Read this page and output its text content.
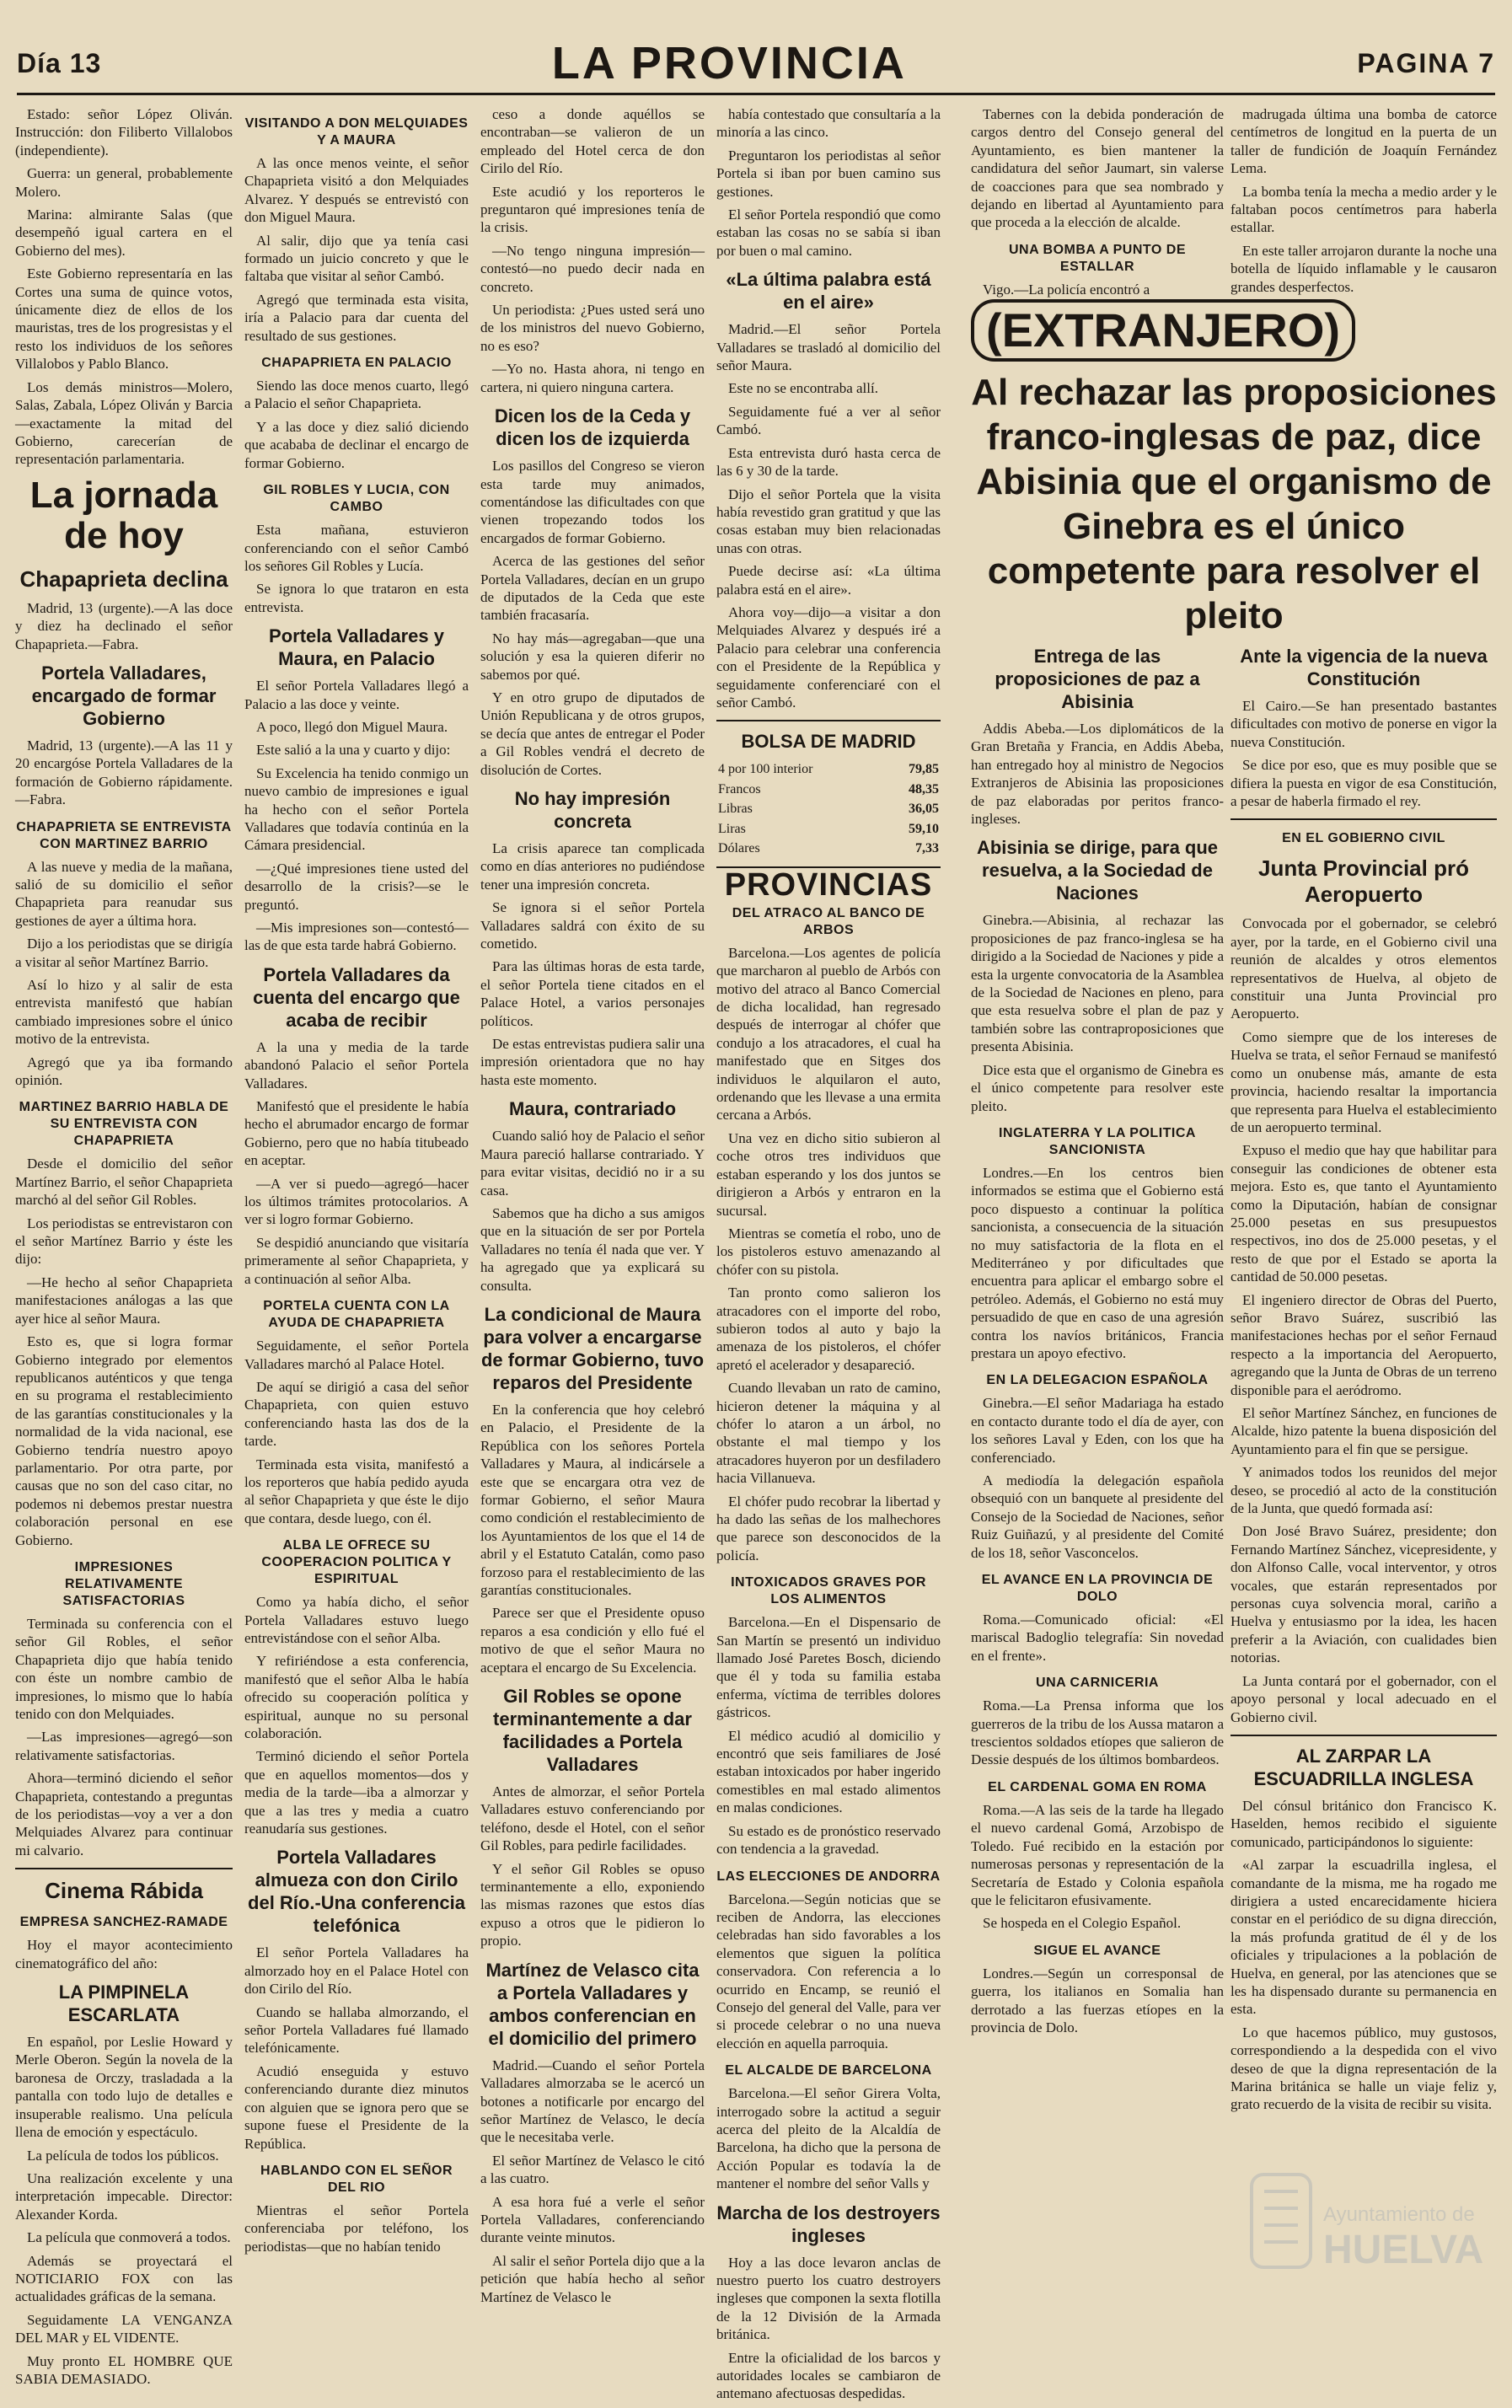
Día 13	LA PROVINCIA	PAGINA 7

Estado: señor López Oliván. Instrucción: don Filiberto Villalobos (independiente).

Guerra: un general, probablemente Molero.

Marina: almirante Salas (que desempeñó igual cartera en el Gobierno del mes).

Este Gobierno representaría en las Cortes una suma de quince votos, únicamente diez de ellos de los mauristas, tres de los progresistas y el resto los individuos de los señores Villalobos y Pablo Blanco.

Los demás ministros—Molero, Salas, Zabala, López Oliván y Barcia—exactamente la mitad del Gobierno, carecerían de representación parlamentaria.

La jornada de hoy
Chapaprieta declina

Madrid, 13 (urgente).—A las doce y diez ha declinado el señor Chapaprieta.—Fabra.

Portela Valladares, encargado de formar Gobierno

Madrid, 13 (urgente).—A las 11 y 20 encargóse Portela Valladares de la formación de Gobierno rápidamente.—Fabra.

CHAPAPRIETA SE ENTREVISTA CON MARTINEZ BARRIO

A las nueve y media de la mañana, salió de su domicilio el señor Chapaprieta para reanudar sus gestiones de ayer a última hora.

Dijo a los periodistas que se dirigía a visitar al señor Martínez Barrio.

Así lo hizo y al salir de esta entrevista manifestó que habían cambiado impresiones sobre el único motivo de la entrevista.

Agregó que ya iba formando opinión.

MARTINEZ BARRIO HABLA DE SU ENTREVISTA CON CHAPAPRIETA

Desde el domicilio del señor Martínez Barrio, el señor Chapaprieta marchó al del señor Gil Robles.

Los periodistas se entrevistaron con el señor Martínez Barrio y éste les dijo:

—He hecho al señor Chapaprieta manifestaciones análogas a las que ayer hice al señor Maura.

Esto es, que si logra formar Gobierno integrado por elementos republicanos auténticos y que tenga en su programa el restablecimiento de las garantías constitucionales y la normalidad de la vida nacional, ese Gobierno tendría nuestro apoyo parlamentario. Por otra parte, por causas que no son del caso citar, no podemos ni debemos prestar nuestra colaboración personal en ese Gobierno.

IMPRESIONES RELATIVAMENTE SATISFACTORIAS

Terminada su conferencia con el señor Gil Robles, el señor Chapaprieta dijo que había tenido con éste un nombre cambio de impresiones, lo mismo que lo había tenido con don Melquiades.

—Las impresiones—agregó—son relativamente satisfactorias.

Ahora—terminó diciendo el señor Chapaprieta, contestando a preguntas de los periodistas—voy a ver a don Melquiades Alvarez para continuar mi calvario.

Cinema Rábida
EMPRESA SANCHEZ-RAMADE

Hoy el mayor acontecimiento cinematográfico del año:

LA PIMPINELA ESCARLATA

En español, por Leslie Howard y Merle Oberon. Según la novela de la baronesa de Orczy, trasladada a la pantalla con todo lujo de detalles e insuperable realismo. Una película llena de emoción y espectáculo.

La película de todos los públicos.

Una realización excelente y una interpretación impecable. Director: Alexander Korda.

La película que conmoverá a todos.

Además se proyectará el NOTICIARIO FOX con las actualidades gráficas de la semana.

Seguidamente LA VENGANZA DEL MAR y EL VIDENTE.

Muy pronto EL HOMBRE QUE SABIA DEMASIADO.

VISITANDO A DON MELQUIADES Y A MAURA

A las once menos veinte, el señor Chapaprieta visitó a don Melquiades Alvarez. Y después se entrevistó con don Miguel Maura.

Al salir, dijo que ya tenía casi formado un juicio concreto y que le faltaba que visitar al señor Cambó.

Agregó que terminada esta visita, iría a Palacio para dar cuenta del resultado de sus gestiones.

CHAPAPRIETA EN PALACIO

Siendo las doce menos cuarto, llegó a Palacio el señor Chapaprieta.

Y a las doce y diez salió diciendo que acababa de declinar el encargo de formar Gobierno.

GIL ROBLES Y LUCIA, CON CAMBO

Esta mañana, estuvieron conferenciando con el señor Cambó los señores Gil Robles y Lucía.

Se ignora lo que trataron en esta entrevista.

Portela Valladares y Maura, en Palacio

El señor Portela Valladares llegó a Palacio a las doce y veinte.

A poco, llegó don Miguel Maura.

Este salió a la una y cuarto y dijo:

Su Excelencia ha tenido conmigo un nuevo cambio de impresiones e igual ha hecho con el señor Portela Valladares que todavía continúa en la Cámara presidencial.

—¿Qué impresiones tiene usted del desarrollo de la crisis?—se le preguntó.

—Mis impresiones son—contestó—las de que esta tarde habrá Gobierno.

Portela Valladares da cuenta del encargo que acaba de recibir

A la una y media de la tarde abandonó Palacio el señor Portela Valladares.

Manifestó que el presidente le había hecho el abrumador encargo de formar Gobierno, pero que no había titubeado en aceptar.

—A ver si puedo—agregó—hacer los últimos trámites protocolarios. A ver si logro formar Gobierno.

Se despidió anunciando que visitaría primeramente al señor Chapaprieta, y a continuación al señor Alba.

PORTELA CUENTA CON LA AYUDA DE CHAPAPRIETA

Seguidamente, el señor Portela Valladares marchó al Palace Hotel.

De aquí se dirigió a casa del señor Chapaprieta, con quien estuvo conferenciando hasta las dos de la tarde.

Terminada esta visita, manifestó a los reporteros que había pedido ayuda al señor Chapaprieta y que éste le dijo que contara, desde luego, con él.

ALBA LE OFRECE SU COOPERACION POLITICA Y ESPIRITUAL

Como ya había dicho, el señor Portela Valladares estuvo luego entrevistándose con el señor Alba.

Y refiriéndose a esta conferencia, manifestó que el señor Alba le había ofrecido su cooperación política y espiritual, aunque no su personal colaboración.

Terminó diciendo el señor Portela que en aquellos momentos—dos y media de la tarde—iba a almorzar y que a las tres y media a cuatro reanudaría sus gestiones.

Portela Valladares almueza con don Cirilo del Río.-Una conferencia telefónica

El señor Portela Valladares ha almorzado hoy en el Palace Hotel con don Cirilo del Río.

Cuando se hallaba almorzando, el señor Portela Valladares fué llamado telefónicamente.

Acudió enseguida y estuvo conferenciando durante diez minutos con alguien que se ignora pero que se supone fuese el Presidente de la República.

HABLANDO CON EL SEÑOR DEL RIO

Mientras el señor Portela conferenciaba por teléfono, los periodistas—que no habían tenido

ceso a donde aquéllos se encontraban—se valieron de un empleado del Hotel cerca de don Cirilo del Río.

Este acudió y los reporteros le preguntaron qué impresiones tenía de la crisis.

—No tengo ninguna impresión—contestó—no puedo decir nada en concreto.

Un periodista: ¿Pues usted será uno de los ministros del nuevo Gobierno, no es eso?

—Yo no. Hasta ahora, ni tengo en cartera, ni quiero ninguna cartera.

Dicen los de la Ceda y dicen los de izquierda

Los pasillos del Congreso se vieron esta tarde muy animados, comentándose las dificultades con que vienen tropezando todos los encargados de formar Gobierno.

Acerca de las gestiones del señor Portela Valladares, decían en un grupo de diputados de la Ceda que este también fracasaría.

No hay más—agregaban—que una solución y esa la quieren diferir no sabemos por qué.

Y en otro grupo de diputados de Unión Republicana y de otros grupos, se decía que antes de entregar el Poder a Gil Robles vendrá el decreto de disolución de Cortes.

No hay impresión concreta

La crisis aparece tan complicada como en días anteriores no pudiéndose tener una impresión concreta.

Se ignora si el señor Portela Valladares saldrá con éxito de su cometido.

Para las últimas horas de esta tarde, el señor Portela tiene citados en el Palace Hotel, a varios personajes políticos.

De estas entrevistas pudiera salir una impresión orientadora que no hay hasta este momento.

Maura, contrariado

Cuando salió hoy de Palacio el señor Maura pareció hallarse contrariado. Y para evitar visitas, decidió no ir a su casa.

Sabemos que ha dicho a sus amigos que en la situación de ser por Portela Valladares no tenía él nada que ver. Y ha agregado que ya explicará su consulta.

La condicional de Maura para volver a encargarse de formar Gobierno, tuvo reparos del Presidente

En la conferencia que hoy celebró en Palacio, el Presidente de la República con los señores Portela Valladares y Maura, al indicársele a este que se encargara otra vez de formar Gobierno, el señor Maura como condición el restablecimiento de los Ayuntamientos de los que el 14 de abril y el Estatuto Catalán, como paso forzoso para el restablecimiento de las garantías constitucionales.

Parece ser que el Presidente opuso reparos a esa condición y ello fué el motivo de que el señor Maura no aceptara el encargo de Su Excelencia.

Gil Robles se opone terminantemente a dar facilidades a Portela Valladares

Antes de almorzar, el señor Portela Valladares estuvo conferenciando por teléfono, desde el Hotel, con el señor Gil Robles, para pedirle facilidades.

Y el señor Gil Robles se opuso terminantemente a ello, exponiendo las mismas razones que estos días expuso a otros que le pidieron lo propio.

Martínez de Velasco cita a Portela Valladares y ambos conferencian en el domicilio del primero

Madrid.—Cuando el señor Portela Valladares almorzaba se le acercó un botones a notificarle por encargo del señor Martínez de Velasco, le decía que le necesitaba verle.

El señor Martínez de Velasco le citó a las cuatro.

A esa hora fué a verle el señor Portela Valladares, conferenciando durante veinte minutos.

Al salir el señor Portela dijo que a la petición que había hecho al señor Martínez de Velasco le

había contestado que consultaría a la minoría a las cinco.

Preguntaron los periodistas al señor Portela si iban por buen camino sus gestiones.

El señor Portela respondió que como estaban las cosas no se sabía si iban por buen o mal camino.

«La última palabra está en el aire»

Madrid.—El señor Portela Valladares se trasladó al domicilio del señor Maura.

Este no se encontraba allí.

Seguidamente fué a ver al señor Cambó.

Esta entrevista duró hasta cerca de las 6 y 30 de la tarde.

Dijo el señor Portela que la visita había revestido gran gratitud y que las cosas estaban muy bien relacionadas unas con otras.

Puede decirse así: «La última palabra está en el aire».

Ahora voy—dijo—a visitar a don Melquiades Alvarez y después iré a Palacio para celebrar una conferencia con el Presidente de la República y seguidamente conferenciaré con el señor Cambó.

BOLSA DE MADRID
4 por 100 interior	79,85
Francos	48,35
Libras	36,05
Liras	59,10
Dólares	7,33
PROVINCIAS
DEL ATRACO AL BANCO DE ARBOS

Barcelona.—Los agentes de policía que marcharon al pueblo de Arbós con motivo del atraco al Banco Comercial de dicha localidad, han regresado después de interrogar al chófer que condujo a los atracadores, el cual ha manifestado que en Sitges dos individuos le alquilaron el auto, ordenando que les llevase a una ermita cercana a Arbós.

Una vez en dicho sitio subieron al coche otros tres individuos que estaban esperando y los dos juntos se dirigieron a Arbós y entraron en la sucursal.

Mientras se cometía el robo, uno de los pistoleros estuvo amenazando al chófer con su pistola.

Tan pronto como salieron los atracadores con el importe del robo, subieron todos al auto y bajo la amenaza de los pistoleros, el chófer apretó el acelerador y desapareció.

Cuando llevaban un rato de camino, hicieron detener la máquina y al chófer lo ataron a un árbol, no obstante el mal tiempo y los atracadores huyeron por un desfiladero hacia Villanueva.

El chófer pudo recobrar la libertad y ha dado las señas de los malhechores que parece son desconocidos de la policía.

INTOXICADOS GRAVES POR LOS ALIMENTOS

Barcelona.—En el Dispensario de San Martín se presentó un individuo llamado José Paretes Bosch, diciendo que él y toda su familia estaba enferma, víctima de terribles dolores gástricos.

El médico acudió al domicilio y encontró que seis familiares de José estaban intoxicados por haber ingerido comestibles en mal estado alimentos en malas condiciones.

Su estado es de pronóstico reservado con tendencia a la gravedad.

LAS ELECCIONES DE ANDORRA

Barcelona.—Según noticias que se reciben de Andorra, las elecciones celebradas han sido favorables a los elementos que siguen la política conservadora. Con referencia a lo ocurrido en Encamp, se reunió el Consejo del general del Valle, para ver si procede celebrar o no una nueva elección en aquella parroquia.

EL ALCALDE DE BARCELONA

Barcelona.—El señor Girera Volta, interrogado sobre la actitud a seguir acerca del pleito de la Alcaldía de Barcelona, ha dicho que la persona de Acción Popular es todavía la de mantener el nombre del señor Valls y

Marcha de los destroyers ingleses

Hoy a las doce levaron anclas de nuestro puerto los cuatro destroyers ingleses que componen la sexta flotilla de la 12 División de la Armada británica.

Entre la oficialidad de los barcos y autoridades locales se cambiaron de antemano afectuosas despedidas.

Tabernes con la debida ponderación de cargos dentro del Consejo general del Ayuntamiento, es bien mantener la candidatura del señor Jaumart, sin valerse de coacciones para que sea nombrado y dejando en libertad al Ayuntamiento para que proceda a la elección de alcalde.

UNA BOMBA A PUNTO DE ESTALLAR

Vigo.—La policía encontró a

madrugada última una bomba de catorce centímetros de longitud en la puerta de un taller de fundición de Joaquín Fernández Lema.

La bomba tenía la mecha a medio arder y le faltaban pocos centímetros para haberla estallar.

En este taller arrojaron durante la noche una botella de líquido inflamable y le causaron grandes desperfectos.

(EXTRANJERO)
Al rechazar las proposiciones franco-inglesas de paz, dice Abisinia que el organismo de Ginebra es el único competente para resolver el pleito
Entrega de las proposiciones de paz a Abisinia

Addis Abeba.—Los diplomáticos de la Gran Bretaña y Francia, en Addis Abeba, han entregado hoy al ministro de Negocios Extranjeros de Abisinia las proposiciones de paz elaboradas por peritos franco-ingleses.

Abisinia se dirige, para que resuelva, a la Sociedad de Naciones

Ginebra.—Abisinia, al rechazar las proposiciones de paz franco-inglesa se ha dirigido a la Sociedad de Naciones y pide a esta la urgente convocatoria de la Asamblea de la Sociedad de Naciones en pleno, para que esta resuelva sobre el plan de paz y también sobre las contraproposiciones que presenta Abisinia.

Dice esta que el organismo de Ginebra es el único competente para resolver este pleito.

INGLATERRA Y LA POLITICA SANCIONISTA

Londres.—En los centros bien informados se estima que el Gobierno está poco dispuesto a continuar la política sancionista, a consecuencia de la situación no muy satisfactoria de la flota en el Mediterráneo y por dificultades que encuentra para aplicar el embargo sobre el petróleo. Además, el Gobierno no está muy persuadido de que en caso de una agresión contra los navíos británicos, Francia prestara un apoyo efectivo.

EN LA DELEGACION ESPAÑOLA

Ginebra.—El señor Madariaga ha estado en contacto durante todo el día de ayer, con los señores Laval y Eden, con los que ha conferenciado.

A mediodía la delegación española obsequió con un banquete al presidente del Consejo de la Sociedad de Naciones, señor Ruiz Guiñazú, y al presidente del Comité de los 18, señor Vasconcelos.

EL AVANCE EN LA PROVINCIA DE DOLO

Roma.—Comunicado oficial: «El mariscal Badoglio telegrafía: Sin novedad en el frente».

UNA CARNICERIA

Roma.—La Prensa informa que los guerreros de la tribu de los Aussa mataron a trescientos soldados etíopes que salieron de Dessie después de los últimos bombardeos.

EL CARDENAL GOMA EN ROMA

Roma.—A las seis de la tarde ha llegado el nuevo cardenal Gomá, Arzobispo de Toledo. Fué recibido en la estación por numerosas personas y representación de la Secretaría de Estado y Colonia española que le felicitaron efusivamente.

Se hospeda en el Colegio Español.

SIGUE EL AVANCE

Londres.—Según un corresponsal de guerra, los italianos en Somalia han derrotado a las fuerzas etíopes en la provincia de Dolo.

Ante la vigencia de la nueva Constitución

El Cairo.—Se han presentado bastantes dificultades con motivo de ponerse en vigor la nueva Constitución.

Se dice por eso, que es muy posible que se difiera la puesta en vigor de esa Constitución, a pesar de haberla firmado el rey.

EN EL GOBIERNO CIVIL
Junta Provincial pró Aeropuerto

Convocada por el gobernador, se celebró ayer, por la tarde, en el Gobierno civil una reunión de alcaldes y otros elementos representativos de Huelva, al objeto de constituir una Junta Provincial pro Aeropuerto.

Como siempre que de los intereses de Huelva se trata, el señor Fernaud se manifestó como un onubense más, amante de esta provincia, haciendo resaltar la importancia que representa para Huelva el establecimiento de un aeropuerto terminal.

Expuso el medio que hay que habilitar para conseguir las condiciones de obtener esta mejora. Esto es, que tanto el Ayuntamiento como la Diputación, habían de consignar 25.000 pesetas en sus presupuestos respectivos, ino dos de 25.000 pesetas, y el resto de que por el Estado se aporta la cantidad de 50.000 pesetas.

El ingeniero director de Obras del Puerto, señor Bravo Suárez, suscribió las manifestaciones hechas por el señor Fernaud respecto a la importancia del Aeropuerto, agregando que la Junta de Obras de un terreno disponible para el aeródromo.

El señor Martínez Sánchez, en funciones de Alcalde, hizo patente la buena disposición del Ayuntamiento para el fin que se persigue.

Y animados todos los reunidos del mejor deseo, se procedió al acto de la constitución de la Junta, que quedó formada así:

Don José Bravo Suárez, presidente; don Fernando Martínez Sánchez, vicepresidente, y don Alfonso Calle, vocal interventor, y otros vocales, que estarán representados por personas cuya solvencia moral, cariño a Huelva y entusiasmo por la idea, les hacen preferir a la Aviación, con cualidades bien notorias.

La Junta contará por el gobernador, con el apoyo personal y local adecuado en el Gobierno civil.

AL ZARPAR LA ESCUADRILLA INGLESA

Del cónsul británico don Francisco K. Haselden, hemos recibido el siguiente comunicado, participándonos lo siguiente:

«Al zarpar la escuadrilla inglesa, el comandante de la misma, me ha rogado me dirigiera a usted encarecidamente hiciera constar en el periódico de su digna dirección, la más profunda gratitud de él y de los oficiales y tripulaciones a la población de Huelva, en general, por las atenciones que se les ha dispensado durante su permanencia en esta.

Lo que hacemos público, muy gustosos, correspondiendo a la despedida con el vivo deseo de que la digna representación de la Marina británica se halle un viaje feliz y, grato recuerdo de la visita de recibir su visita.

Ayuntamiento de
HUELVA
